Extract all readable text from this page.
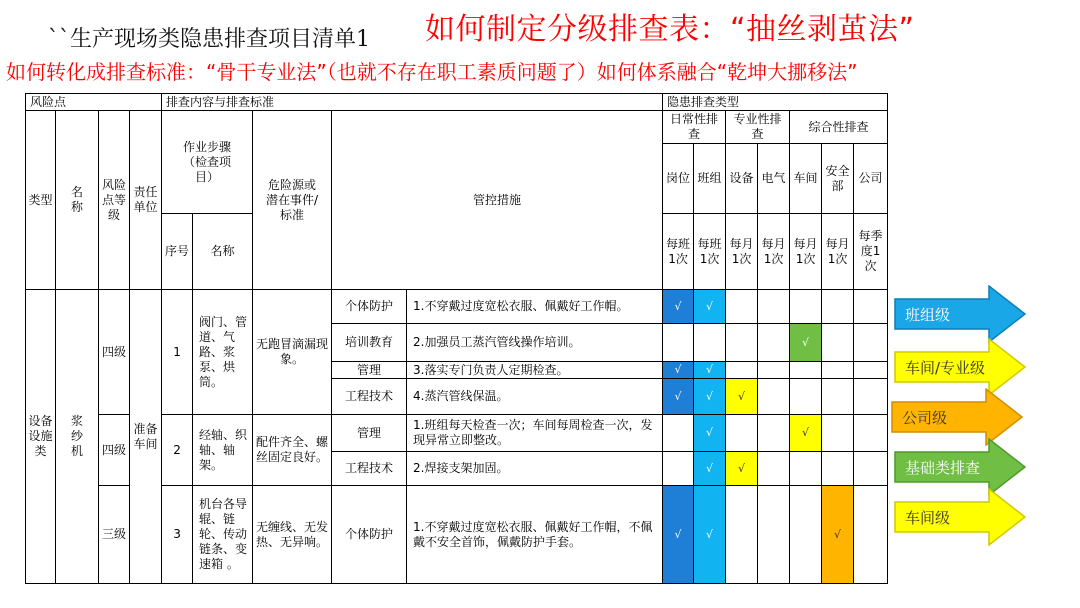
``生产现场类隐患排查项目清单1 如何制定分级排查表：“抽丝剥茧法”
如何转化成排查标准：“骨干专业法”（也就不存在职工素质问题了）如何体系融合“乾坤大挪移法”
风险点				排查内容与排查标准					隐患排查类型						
类型	名称	风险点等级	责任单位	作业步骤（检查项目）		危险源或潜在事件/标准	管控措施		日常性排查		专业性排查		综合性排查		
									岗位	班组	设备	电气	车间	安全部	公司
				序号	名称				每班1次	每班1次	每月1次	每月1次	每月1次	每月1次	每季度1次

设备设施类	浆纱机	四级	准备车间	1	阀门、管道、气路、浆泵、烘筒。	无跑冒滴漏现象。	个体防护	1.不穿戴过度宽松衣服、佩戴好工作帽。	√	√					
							培训教育	2.加强员工蒸汽管线操作培训。					√		
							管理	3.落实专门负责人定期检查。	√	√					
							工程技术	4.蒸汽管线保温。	√	√	√				
		四级		2	经轴、织轴、轴架。	配件齐全、螺丝固定良好。	管理	1.班组每天检查一次；车间每周检查一次，发现异常立即整改。		√			√		
							工程技术	2.焊接支架加固。		√	√				
		三级		3	机台各导辊、链轮、传动链条、变速箱 。	无缠线、无发热、无异响。	个体防护	1.不穿戴过度宽松衣服、佩戴好工作帽，不佩戴不安全首饰，佩戴防护手套。	√	√				√	
班组级
车间/专业级
公司级
基础类排查
车间级
